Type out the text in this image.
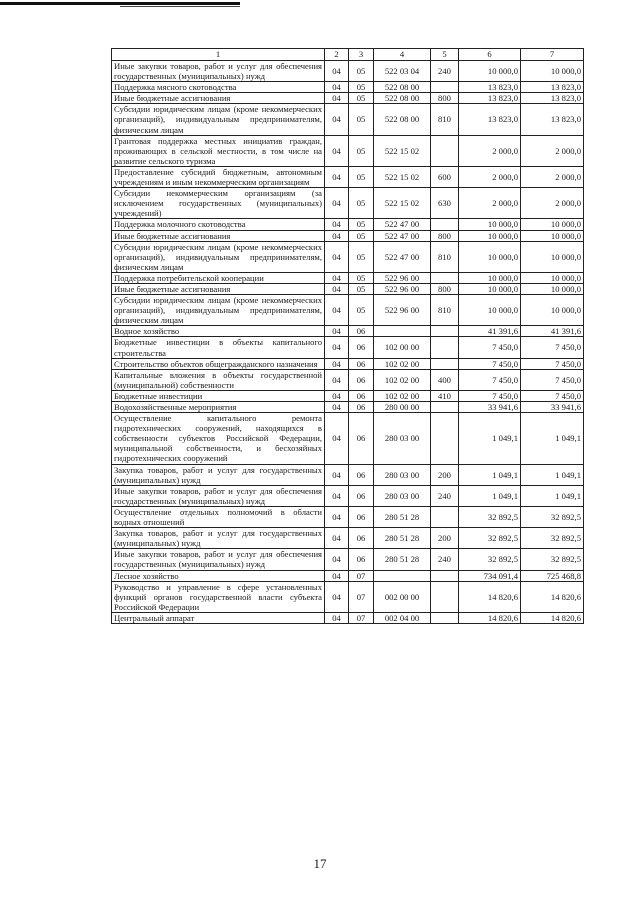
1	2	3	4	5	6	7
Иные закупки товаров, работ и услуг для обеспечения государственных (муниципальных) нужд	04	05	522 03 04	240	10 000,0	10 000,0
Поддержка мясного скотоводства	04	05	522 08 00		13 823,0	13 823,0
Иные бюджетные ассигнования	04	05	522 08 00	800	13 823,0	13 823,0
Субсидии юридическим лицам (кроме некоммерческих организаций), индивидуальным предпринимателям, физическим лицам	04	05	522 08 00	810	13 823,0	13 823,0
Грантовая поддержка местных инициатив граждан, проживающих в сельской местности, в том числе на развитие сельского туризма	04	05	522 15 02		2 000,0	2 000,0
Предоставление субсидий бюджетным, автономным учреждениям и иным некоммерческим организациям	04	05	522 15 02	600	2 000,0	2 000,0
Субсидии некоммерческим организациям (за исключением государственных (муниципальных) учреждений)	04	05	522 15 02	630	2 000,0	2 000,0
Поддержка молочного скотоводства	04	05	522 47 00		10 000,0	10 000,0
Иные бюджетные ассигнования	04	05	522 47 00	800	10 000,0	10 000,0
Субсидии юридическим лицам (кроме некоммерческих организаций), индивидуальным предпринимателям, физическим лицам	04	05	522 47 00	810	10 000,0	10 000,0
Поддержка потребительской кооперации	04	05	522 96 00		10 000,0	10 000,0
Иные бюджетные ассигнования	04	05	522 96 00	800	10 000,0	10 000,0
Субсидии юридическим лицам (кроме некоммерческих организаций), индивидуальным предпринимателям, физическим лицам	04	05	522 96 00	810	10 000,0	10 000,0
Водное хозяйство	04	06			41 391,6	41 391,6
Бюджетные инвестиции в объекты капитального строительства	04	06	102 00 00		7 450,0	7 450,0
Строительство объектов общегражданского назначения	04	06	102 02 00		7 450,0	7 450,0
Капитальные вложения в объекты государственной (муниципальной) собственности	04	06	102 02 00	400	7 450,0	7 450,0
Бюджетные инвестиции	04	06	102 02 00	410	7 450,0	7 450,0
Водохозяйственные мероприятия	04	06	280 00 00		33 941,6	33 941,6
Осуществление капитального ремонта гидротехнических сооружений, находящихся в собственности субъектов Российской Федерации, муниципальной собственности, и бесхозяйных гидротехнических сооружений	04	06	280 03 00		1 049,1	1 049,1
Закупка товаров, работ и услуг для государственных (муниципальных) нужд	04	06	280 03 00	200	1 049,1	1 049,1
Иные закупки товаров, работ и услуг для обеспечения государственных (муниципальных) нужд	04	06	280 03 00	240	1 049,1	1 049,1
Осуществление отдельных полномочий в области водных отношений	04	06	280 51 28		32 892,5	32 892,5
Закупка товаров, работ и услуг для государственных (муниципальных) нужд	04	06	280 51 28	200	32 892,5	32 892,5
Иные закупки товаров, работ и услуг для обеспечения государственных (муниципальных) нужд	04	06	280 51 28	240	32 892,5	32 892,5
Лесное хозяйство	04	07			734 091,4	725 468,8
Руководство и управление в сфере установленных функций органов государственной власти субъекта Российской Федерации	04	07	002 00 00		14 820,6	14 820,6
Центральный аппарат	04	07	002 04 00		14 820,6	14 820,6
17
